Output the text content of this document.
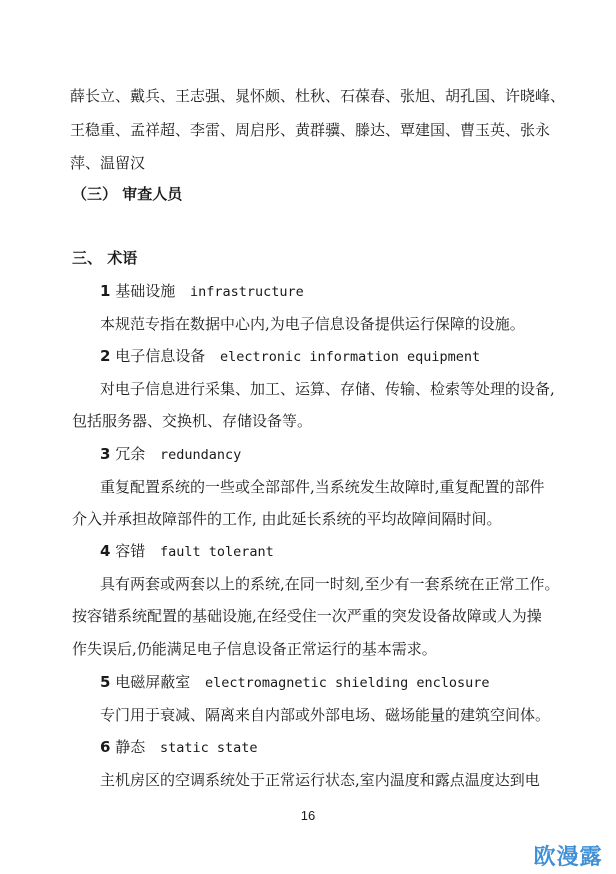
薛长立、戴兵、王志强、晁怀颇、杜秋、石葆春、张旭、胡孔国、许晓峰、
王稳重、孟祥超、李雷、周启彤、黄群骥、滕达、覃建国、曹玉英、张永
萍、温留汉
（三） 审查人员
三、 术语
1 基础设施 infrastructure
本规范专指在数据中心内,为电子信息设备提供运行保障的设施。
2 电子信息设备 electronic information equipment
对电子信息进行采集、加工、运算、存储、传输、检索等处理的设备,
包括服务器、交换机、存储设备等。
3 冗余 redundancy
重复配置系统的一些或全部部件,当系统发生故障时,重复配置的部件
介入并承担故障部件的工作, 由此延长系统的平均故障间隔时间。
4 容错 fault tolerant
具有两套或两套以上的系统,在同一时刻,至少有一套系统在正常工作。
按容错系统配置的基础设施,在经受住一次严重的突发设备故障或人为操
作失误后,仍能满足电子信息设备正常运行的基本需求。
5 电磁屏蔽室 electromagnetic shielding enclosure
专门用于衰减、隔离来自内部或外部电场、磁场能量的建筑空间体。
6 静态 static state
主机房区的空调系统处于正常运行状态,室内温度和露点温度达到电
16
欧漫露
